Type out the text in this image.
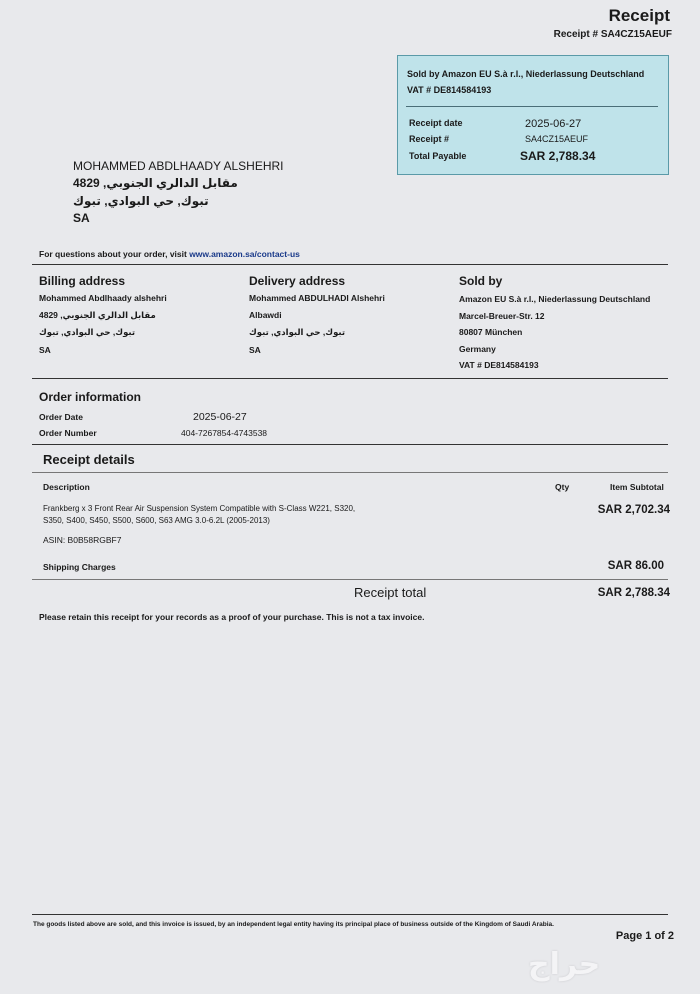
Receipt
Receipt # SA4CZ15AEUF
Sold by Amazon EU S.à r.l., Niederlassung Deutschland
VAT # DE814584193
Receipt date	2025-06-27
Receipt #	SA4CZ15AEUF
Total Payable	SAR 2,788.34
MOHAMMED ABDLHAADY ALSHEHRI
مقابل الدالري الجنوبي, 4829
تبوك, حي البوادي, تبوك
SA
For questions about your order, visit www.amazon.sa/contact-us
Billing address
Mohammed Abdlhaady alshehri
مقابل الدالري الجنوبي, 4829
تبوك, حي البوادي, تبوك
SA
Delivery address
Mohammed ABDULHADI Alshehri
Albawdi
تبوك, حي البوادي, تبوك
SA
Sold by
Amazon EU S.à r.l., Niederlassung Deutschland
Marcel-Breuer-Str. 12
80807 München
Germany
VAT # DE814584193
Order information
Order Date	2025-06-27
Order Number	404-7267854-4743538
Receipt details
Description	Qty	Item Subtotal
Frankberg x 3 Front Rear Air Suspension System Compatible with S-Class W221, S320,
S350, S400, S450, S500, S600, S63 AMG 3.0-6.2L (2005-2013)
SAR 2,702.34
ASIN: B0B58RGBF7
Shipping Charges	SAR 86.00
Receipt total	SAR 2,788.34
Please retain this receipt for your records as a proof of your purchase. This is not a tax invoice.
The goods listed above are sold, and this invoice is issued, by an independent legal entity having its principal place of business outside of the Kingdom of Saudi Arabia.
Page 1 of 2
حراج
